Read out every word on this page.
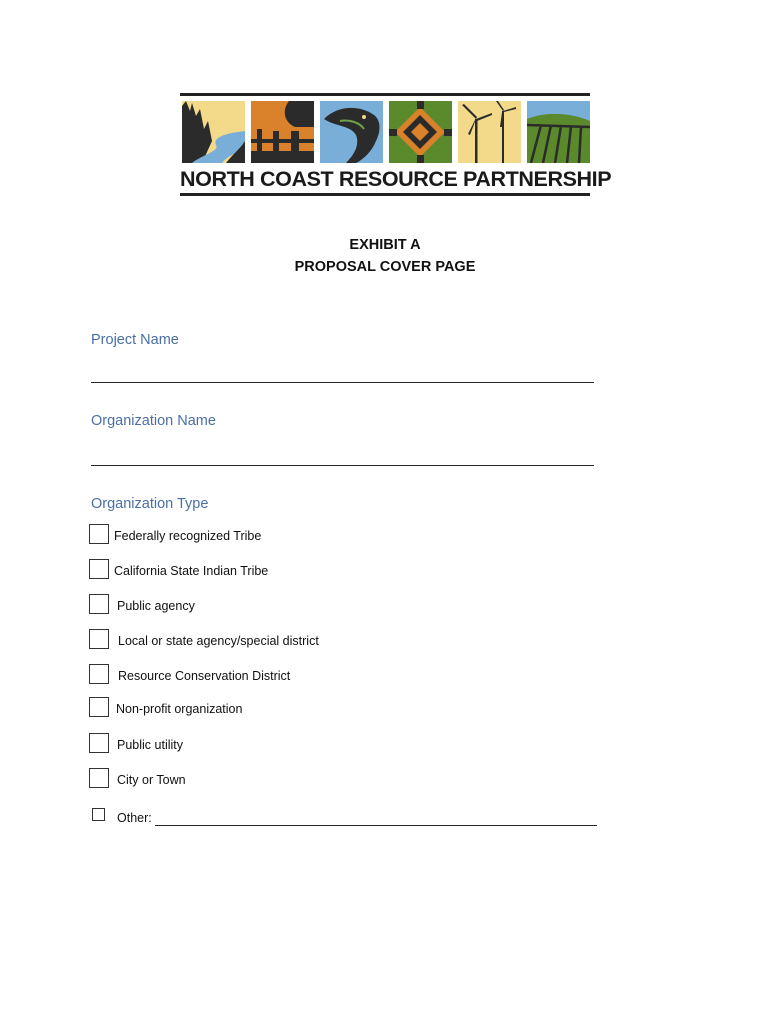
NORTH COAST RESOURCE PARTNERSHIP
EXHIBIT A
PROPOSAL COVER PAGE
Project Name
Organization Name
Organization Type
Federally recognized Tribe
California State Indian Tribe
Public agency
Local or state agency/special district
Resource Conservation District
Non-profit organization
Public utility
City or Town
Other:
